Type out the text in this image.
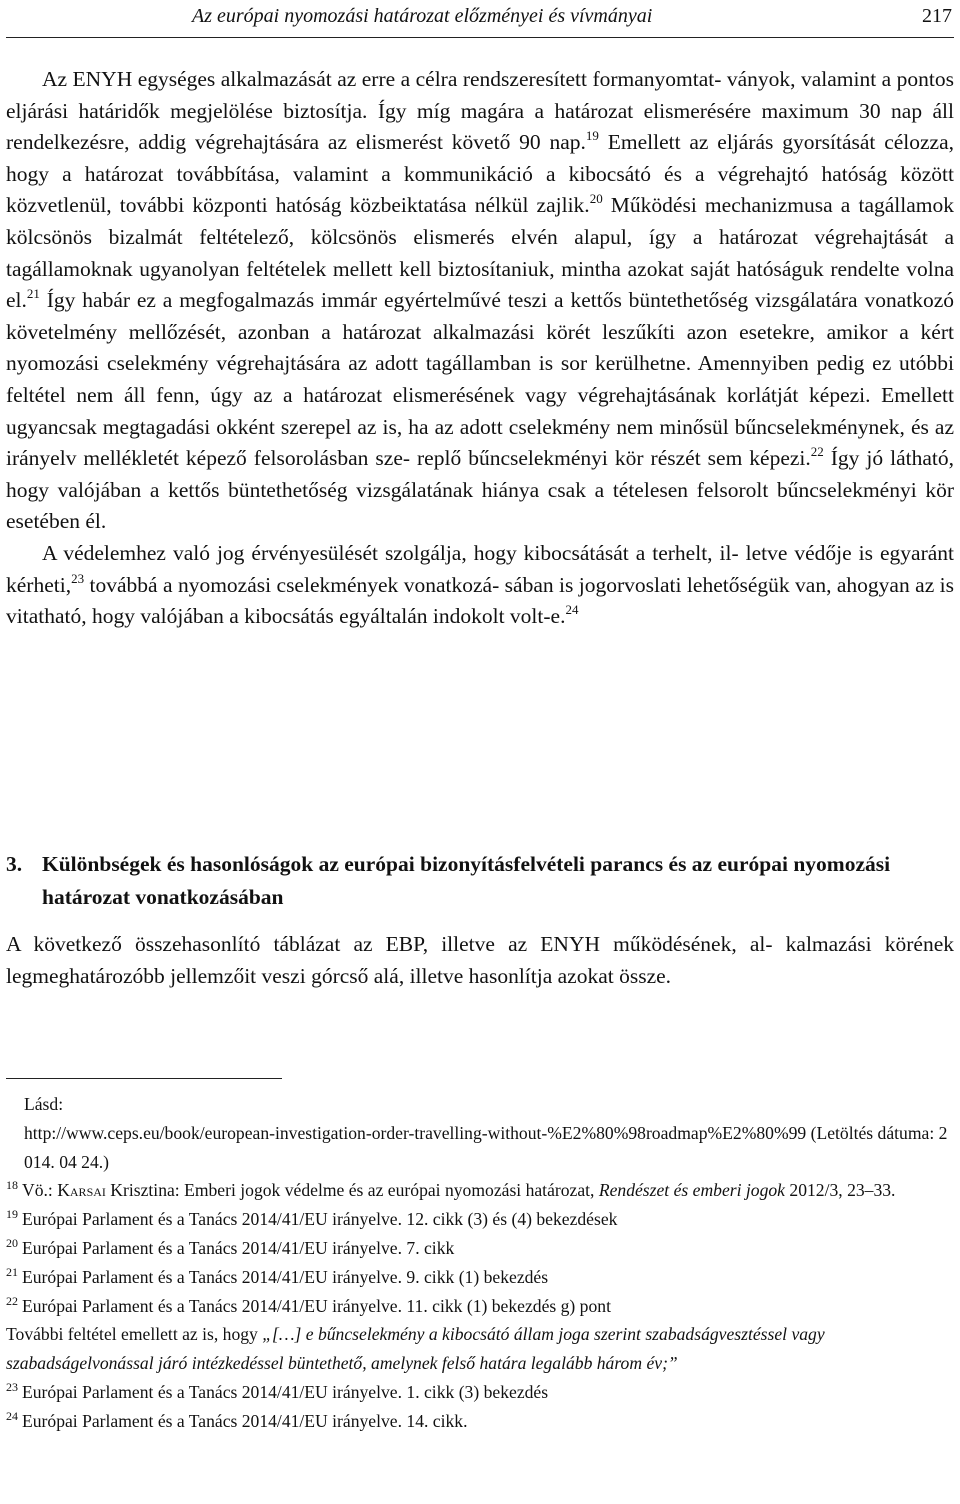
Az európai nyomozási határozat előzményei és vívmányai	217

Az ENYH egységes alkalmazását az erre a célra rendszeresített formanyomtat- ványok, valamint a pontos eljárási határidők megjelölése biztosítja. Így míg magára a határozat elismerésére maximum 30 nap áll rendelkezésre, addig végrehajtására az elismerést követő 90 nap.$^{19}$ Emellett az eljárás gyorsítását célozza, hogy a határozat továbbítása, valamint a kommunikáció a kibocsátó és a végrehajtó hatóság között közvetlenül, további központi hatóság közbeiktatása nélkül zajlik.$^{20}$ Működési mechanizmusa a tagállamok kölcsönös bizalmát feltételező, kölcsönös elismerés elvén alapul, így a határozat végrehajtását a tagállamoknak ugyanolyan feltételek mellett kell biztosítaniuk, mintha azokat saját hatóságuk rendelte volna el.$^{21}$ Így habár ez a megfogalmazás immár egyértelművé teszi a kettős büntethetőség vizsgálatára vonatkozó követelmény mellőzését, azonban a határozat alkalmazási körét leszűkíti azon esetekre, amikor a kért nyomozási cselekmény végrehajtására az adott tagállamban is sor kerülhetne. Amennyiben pedig ez utóbbi feltétel nem áll fenn, úgy az a határozat elismerésének vagy végrehajtásának korlátját képezi. Emellett ugyancsak megtagadási okként szerepel az is, ha az adott cselekmény nem minősül bűncselekménynek, és az irányelv mellékletét képező felsorolásban sze- replő bűncselekményi kör részét sem képezi.$^{22}$ Így jó látható, hogy valójában a kettős büntethetőség vizsgálatának hiánya csak a tételesen felsorolt bűncselekményi kör esetében él.

A védelemhez való jog érvényesülését szolgálja, hogy kibocsátását a terhelt, il- letve védője is egyaránt kérheti,$^{23}$ továbbá a nyomozási cselekmények vonatkozá- sában is jogorvoslati lehetőségük van, ahogyan az is vitatható, hogy valójában a kibocsátás egyáltalán indokolt volt-e.$^{24}$

3. Különbségek és hasonlóságok az európai bizonyításfelvételi parancs és az európai nyomozási határozat vonatkozásában

A következő összehasonlító táblázat az EBP, illetve az ENYH működésének, al- kalmazási körének legmeghatározóbb jellemzőit veszi górcső alá, illetve hasonlítja azokat össze.

Lásd:

http://www.ceps.eu/book/european-investigation-order-travelling-without-%E2%80%98roadmap%E2%80%99 (Letöltés dátuma: 2014. 04 24.)

$^{18}$ Vö.: Karsai Krisztina: Emberi jogok védelme és az európai nyomozási határozat, Rendészet és emberi jogok 2012/3, 23–33.

$^{19}$ Európai Parlament és a Tanács 2014/41/EU irányelve. 12. cikk (3) és (4) bekezdések

$^{20}$ Európai Parlament és a Tanács 2014/41/EU irányelve. 7. cikk

$^{21}$ Európai Parlament és a Tanács 2014/41/EU irányelve. 9. cikk (1) bekezdés

$^{22}$ Európai Parlament és a Tanács 2014/41/EU irányelve. 11. cikk (1) bekezdés g) pont

További feltétel emellett az is, hogy „[…] e bűncselekmény a kibocsátó állam joga szerint szabadságvesztéssel vagy szabadságelvonással járó intézkedéssel büntethető, amelynek felső határa legalább három év;”

$^{23}$ Európai Parlament és a Tanács 2014/41/EU irányelve. 1. cikk (3) bekezdés

$^{24}$ Európai Parlament és a Tanács 2014/41/EU irányelve. 14. cikk.
